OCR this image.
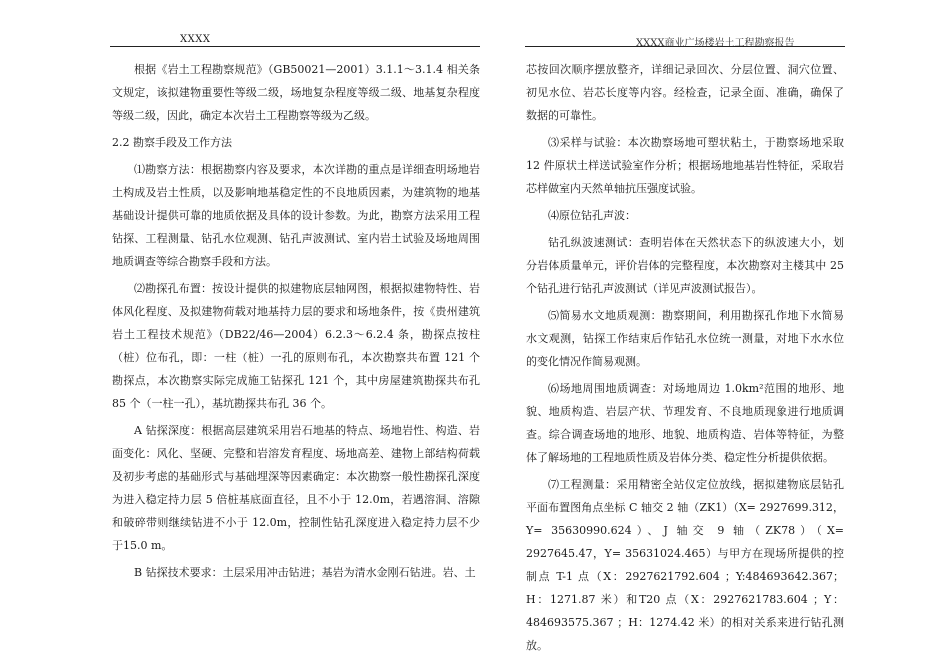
XXXX	XXXX商业广场楼岩土工程勘察报告

根据《岩土工程勘察规范》（GB50021—2001）3.1.1～3.1.4 相关条文规定，该拟建物重要性等级二级，场地复杂程度等级二级、地基复杂程度等级二级，因此，确定本次岩土工程勘察等级为乙级。

2.2 勘察手段及工作方法

⑴勘察方法：根据勘察内容及要求，本次详勘的重点是详细查明场地岩土构成及岩土性质，以及影响地基稳定性的不良地质因素，为建筑物的地基基础设计提供可靠的地质依据及具体的设计参数。为此，勘察方法采用工程钻探、工程测量、钻孔水位观测、钻孔声波测试、室内岩土试验及场地周围地质调查等综合勘察手段和方法。

⑵勘探孔布置：按设计提供的拟建物底层轴网图，根据拟建物特性、岩体风化程度、及拟建物荷载对地基持力层的要求和场地条件，按《贵州建筑岩土工程技术规范》（DB22/46—2004）6.2.3～6.2.4 条，勘探点按柱（桩）位布孔，即：一柱（桩）一孔的原则布孔，本次勘察共布置 121 个勘探点，本次勘察实际完成施工钻探孔 121 个，其中房屋建筑勘探共布孔 85 个（一柱一孔），基坑勘探共布孔 36 个。

A 钻探深度：根据高层建筑采用岩石地基的特点、场地岩性、构造、岩面变化：风化、坚硬、完整和岩溶发育程度、场地高差、建物上部结构荷载及初步考虑的基础形式与基础埋深等因素确定：本次勘察一般性勘探孔深度为进入稳定持力层 5 倍桩基底面直径，且不小于 12.0m，若遇溶洞、溶隙和破碎带则继续钻进不小于 12.0m，控制性钻孔深度进入稳定持力层不少于15.0 m。

B 钻探技术要求：土层采用冲击钻进；基岩为清水金刚石钻进。岩、土

芯按回次顺序摆放整齐，详细记录回次、分层位置、洞穴位置、初见水位、岩芯长度等内容。经检查，记录全面、准确，确保了数据的可靠性。

⑶采样与试验：本次勘察场地可塑状粘土，于勘察场地采取 12 件原状土样送试验室作分析；根据场地地基岩性特征，采取岩芯样做室内天然单轴抗压强度试验。

⑷原位钻孔声波：

钻孔纵波速测试：查明岩体在天然状态下的纵波速大小，划分岩体质量单元，评价岩体的完整程度，本次勘察对主楼其中 25 个钻孔进行钻孔声波测试（详见声波测试报告）。

⑸简易水文地质观测：勘察期间，利用勘探孔作地下水简易水文观测，钻探工作结束后作钻孔水位统一测量，对地下水水位的变化情况作简易观测。

⑹场地周围地质调查：对场地周边 1.0km²范围的地形、地貌、地质构造、岩层产状、节理发育、不良地质现象进行地质调查。综合调查场地的地形、地貌、地质构造、岩体等特征，为整体了解场地的工程地质性质及岩体分类、稳定性分析提供依据。

⑺工程测量：采用精密全站仪定位放线，据拟建物底层钻孔平面布置图角点坐标 C 轴交 2 轴（ZK1）（X= 2927699.312，Y= 35630990.624）、J 轴交 9 轴（ZK78）（X= 2927645.47，Y= 35631024.465）与甲方在现场所提供的控制点 T-1 点（X：2927621792.604 ；Y:484693642.367；H：1271.87 米）和T20 点（X：2927621783.604 ；Y：484693575.367 ；H：1274.42 米）的相对关系来进行钻孔测放。
